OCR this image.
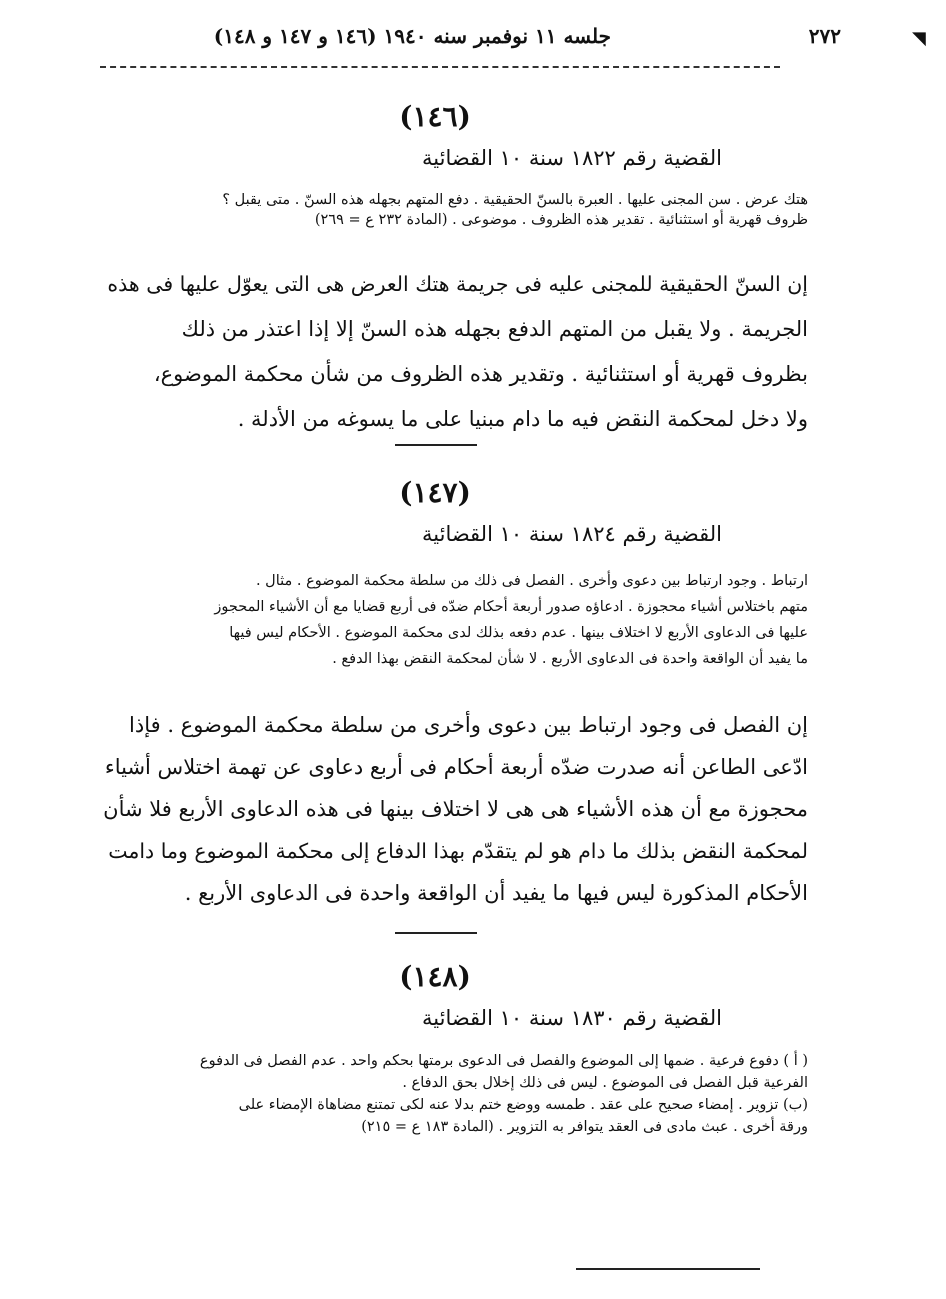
◥
٢٧٢
جلسه ١١ نوفمبر سنه ١٩٤٠ (١٤٦ و ١٤٧ و ١٤٨)
(١٤٦)
القضية رقم ١٨٢٢ سنة ١٠ القضائية
هتك عرض . سن المجنى عليها . العبرة بالسنّ الحقيقية . دفع المتهم بجهله هذه السنّ . متى يقبل ؟
ظروف قهرية أو استثنائية . تقدير هذه الظروف . موضوعى . (المادة ٢٣٢ ع = ٢٦٩)
إن السنّ الحقيقية للمجنى عليه فى جريمة هتك العرض هى التى يعوّل عليها فى هذه
الجريمة . ولا يقبل من المتهم الدفع بجهله هذه السنّ إلا إذا اعتذر من ذلك
بظروف قهرية أو استثنائية . وتقدير هذه الظروف من شأن محكمة الموضوع،
ولا دخل لمحكمة النقض فيه ما دام مبنيا على ما يسوغه من الأدلة .
(١٤٧)
القضية رقم ١٨٢٤ سنة ١٠ القضائية
ارتباط . وجود ارتباط بين دعوى وأخرى . الفصل فى ذلك من سلطة محكمة الموضوع . مثال .
متهم باختلاس أشياء محجوزة . ادعاؤه صدور أربعة أحكام ضدّه فى أربع قضايا مع أن الأشياء المحجوز
عليها فى الدعاوى الأربع لا اختلاف بينها . عدم دفعه بذلك لدى محكمة الموضوع . الأحكام ليس فيها
ما يفيد أن الواقعة واحدة فى الدعاوى الأربع . لا شأن لمحكمة النقض بهذا الدفع .
إن الفصل فى وجود ارتباط بين دعوى وأخرى من سلطة محكمة الموضوع . فإذا
ادّعى الطاعن أنه صدرت ضدّه أربعة أحكام فى أربع دعاوى عن تهمة اختلاس أشياء
محجوزة مع أن هذه الأشياء هى هى لا اختلاف بينها فى هذه الدعاوى الأربع فلا شأن
لمحكمة النقض بذلك ما دام هو لم يتقدّم بهذا الدفاع إلى محكمة الموضوع وما دامت
الأحكام المذكورة ليس فيها ما يفيد أن الواقعة واحدة فى الدعاوى الأربع .
(١٤٨)
القضية رقم ١٨٣٠ سنة ١٠ القضائية
( أ ) دفوع فرعية . ضمها إلى الموضوع والفصل فى الدعوى برمتها بحكم واحد . عدم الفصل فى الدفوع
الفرعية قبل الفصل فى الموضوع . ليس فى ذلك إخلال بحق الدفاع .
(ب) تزوير . إمضاء صحيح على عقد . طمسه ووضع ختم بدلا عنه لكى تمتنع مضاهاة الإمضاء على
ورقة أخرى . عبث مادى فى العقد يتوافر به التزوير . (المادة ١٨٣ ع = ٢١٥)
